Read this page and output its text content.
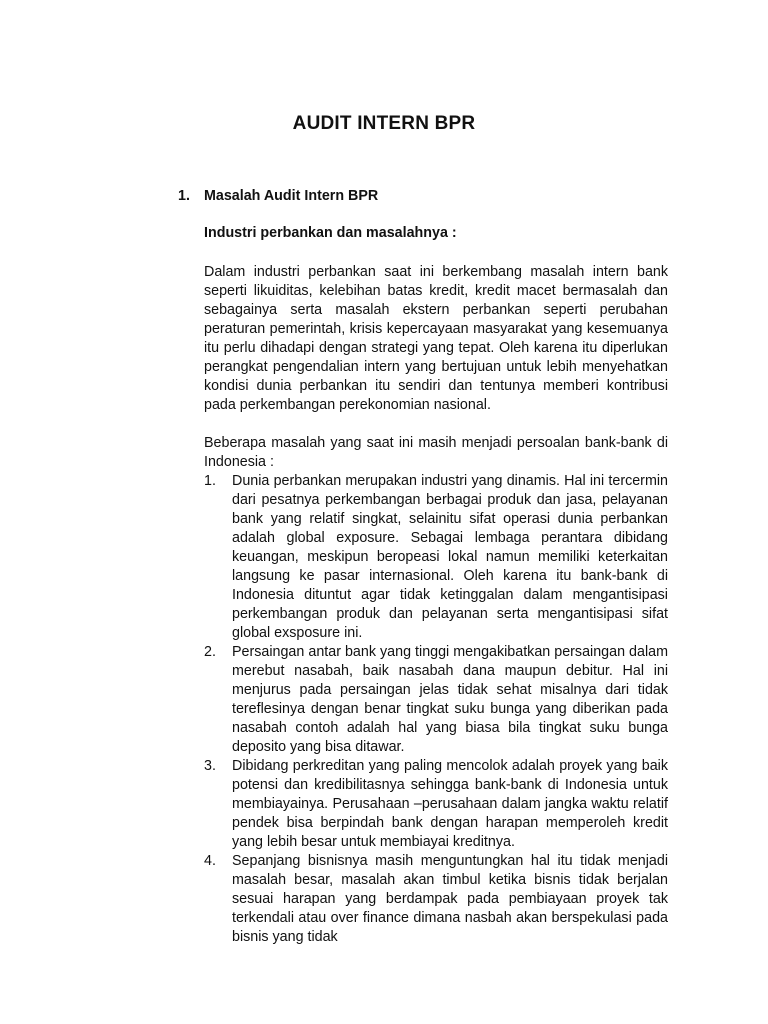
AUDIT INTERN BPR
1. Masalah Audit Intern BPR
Industri perbankan dan masalahnya :

Dalam industri perbankan saat ini berkembang masalah intern bank seperti likuiditas, kelebihan batas kredit, kredit macet bermasalah dan sebagainya serta masalah ekstern perbankan seperti perubahan peraturan pemerintah, krisis kepercayaan masyarakat yang kesemuanya itu perlu dihadapi dengan strategi yang tepat. Oleh karena itu diperlukan perangkat pengendalian intern yang bertujuan untuk lebih menyehatkan kondisi dunia perbankan itu sendiri dan tentunya memberi kontribusi pada perkembangan perekonomian nasional.

Beberapa masalah yang saat ini masih menjadi persoalan bank-bank di Indonesia :

1. Dunia perbankan merupakan industri yang dinamis. Hal ini tercermin dari pesatnya perkembangan berbagai produk dan jasa, pelayanan bank yang relatif singkat, selainitu sifat operasi dunia perbankan adalah global exposure. Sebagai lembaga perantara dibidang keuangan, meskipun beropeasi lokal namun memiliki keterkaitan langsung ke pasar internasional. Oleh karena itu bank-bank di Indonesia dituntut agar tidak ketinggalan dalam mengantisipasi perkembangan produk dan pelayanan serta mengantisipasi sifat global exsposure ini.
2. Persaingan antar bank yang tinggi mengakibatkan persaingan dalam merebut nasabah, baik nasabah dana maupun debitur. Hal ini menjurus pada persaingan jelas tidak sehat misalnya dari tidak tereflesinya dengan benar tingkat suku bunga yang diberikan pada nasabah contoh adalah hal yang biasa bila tingkat suku bunga deposito yang bisa ditawar.
3. Dibidang perkreditan yang paling mencolok adalah proyek yang baik potensi dan kredibilitasnya sehingga bank-bank di Indonesia untuk membiayainya. Perusahaan –perusahaan dalam jangka waktu relatif pendek bisa berpindah bank dengan harapan memperoleh kredit yang lebih besar untuk membiayai kreditnya.
4. Sepanjang bisnisnya masih menguntungkan hal itu tidak menjadi masalah besar, masalah akan timbul ketika bisnis tidak berjalan sesuai harapan yang berdampak pada pembiayaan proyek tak terkendali atau over finance dimana nasbah akan berspekulasi pada bisnis yang tidak
